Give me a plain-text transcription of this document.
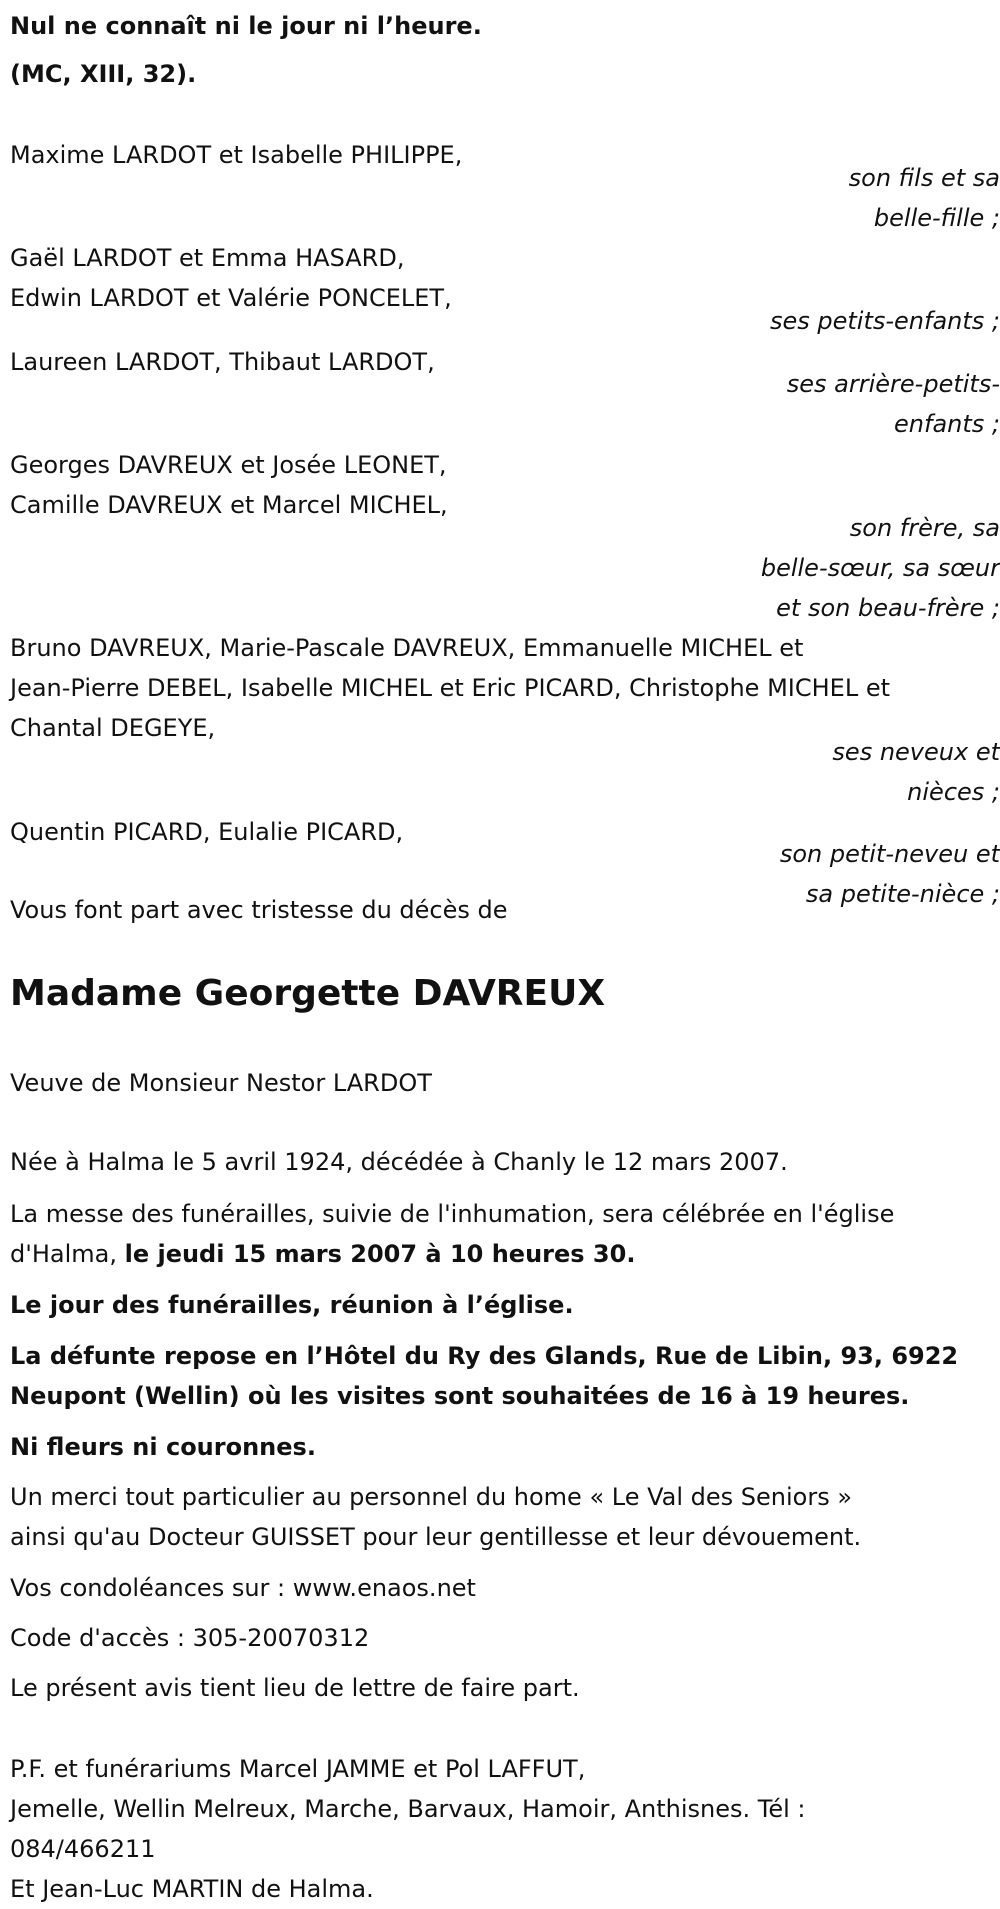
Nul ne connaît ni le jour ni l’heure.

(MC, XIII, 32).

Maxime LARDOT et Isabelle PHILIPPE,
son fils et sa
belle-fille ;
Gaël LARDOT et Emma HASARD,
Edwin LARDOT et Valérie PONCELET,
ses petits-enfants ;
Laureen LARDOT, Thibaut LARDOT,
ses arrière-petits-
enfants ;
Georges DAVREUX et Josée LEONET,
Camille DAVREUX et Marcel MICHEL,
son frère, sa
belle-sœur, sa sœur
et son beau-frère ;
Bruno DAVREUX, Marie-Pascale DAVREUX, Emmanuelle MICHEL et
Jean-Pierre DEBEL, Isabelle MICHEL et Eric PICARD, Christophe MICHEL et
Chantal DEGEYE,
ses neveux et
nièces ;
Quentin PICARD, Eulalie PICARD,
son petit-neveu et
sa petite-nièce ;
Vous font part avec tristesse du décès de
Madame Georgette DAVREUX
Veuve de Monsieur Nestor LARDOT
Née à Halma le 5 avril 1924, décédée à Chanly le 12 mars 2007.
La messe des funérailles, suivie de l'inhumation, sera célébrée en l'église
d'Halma, le jeudi 15 mars 2007 à 10 heures 30.
Le jour des funérailles, réunion à l’église.
La défunte repose en l’Hôtel du Ry des Glands, Rue de Libin, 93, 6922
Neupont (Wellin) où les visites sont souhaitées de 16 à 19 heures.
Ni fleurs ni couronnes.
Un merci tout particulier au personnel du home « Le Val des Seniors »
ainsi qu'au Docteur GUISSET pour leur gentillesse et leur dévouement.
Vos condoléances sur : www.enaos.net
Code d'accès : 305-20070312
Le présent avis tient lieu de lettre de faire part.
P.F. et funérariums Marcel JAMME et Pol LAFFUT,
Jemelle, Wellin Melreux, Marche, Barvaux, Hamoir, Anthisnes. Tél :
084/466211
Et Jean-Luc MARTIN de Halma.
